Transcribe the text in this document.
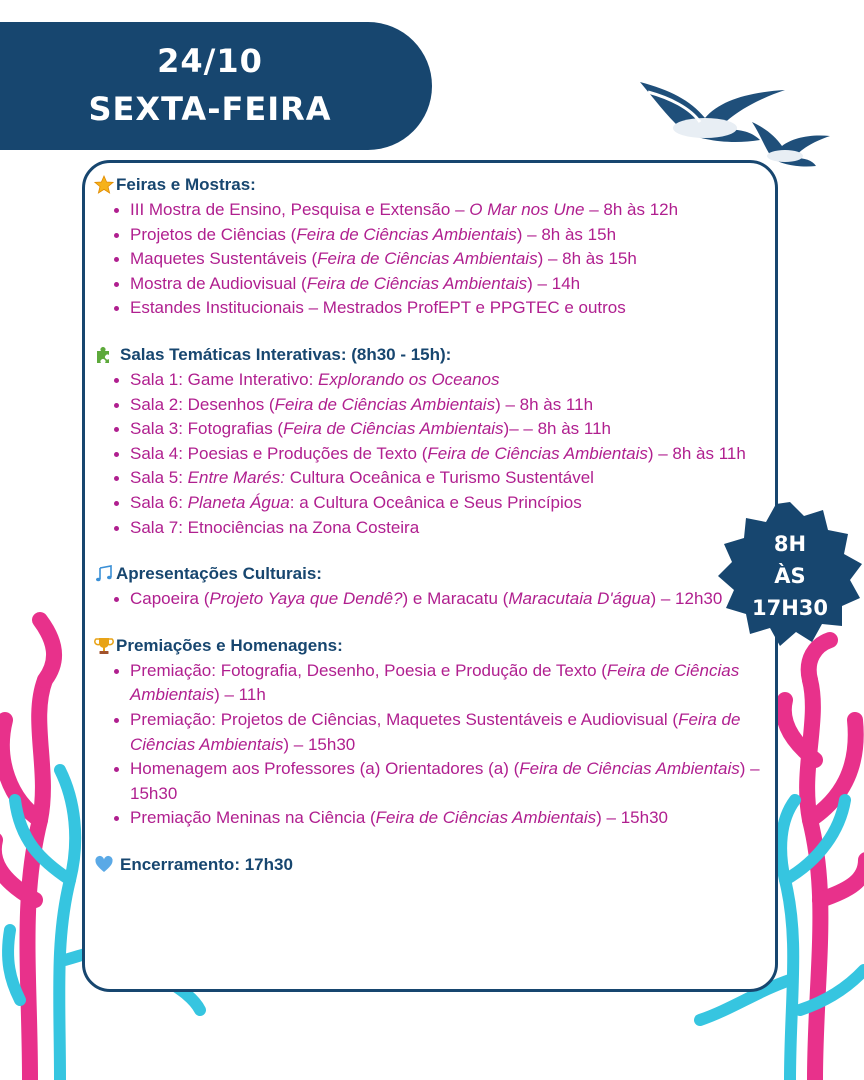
24/10
SEXTA-FEIRA
Feiras e Mostras:
III Mostra de Ensino, Pesquisa e Extensão – O Mar nos Une – 8h às 12h
Projetos de Ciências (Feira de Ciências Ambientais) – 8h às 15h
Maquetes Sustentáveis (Feira de Ciências Ambientais) – 8h às 15h
Mostra de Audiovisual (Feira de Ciências Ambientais) – 14h
Estandes Institucionais – Mestrados ProfEPT e PPGTEC e outros
Salas Temáticas Interativas : (8h30 - 15h):
Sala 1: Game Interativo: Explorando os Oceanos
Sala 2: Desenhos (Feira de Ciências Ambientais) – 8h às 11h
Sala 3: Fotografias (Feira de Ciências Ambientais)– – 8h às 11h
Sala 4: Poesias e Produções de Texto (Feira de Ciências Ambientais) – 8h às 11h
Sala 5: Entre Marés: Cultura Oceânica e Turismo Sustentável
Sala 6: Planeta Água: a Cultura Oceânica e Seus Princípios
Sala 7: Etnociências na Zona Costeira
Apresentações Culturais:
Capoeira (Projeto Yaya que Dendê?) e Maracatu (Maracutaia D'água) – 12h30
Premiações e Homenagens:
Premiação: Fotografia, Desenho, Poesia e Produção de Texto (Feira de Ciências Ambientais) – 11h
Premiação: Projetos de Ciências, Maquetes Sustentáveis e Audiovisual (Feira de Ciências Ambientais) – 15h30
Homenagem aos Professores (a) Orientadores (a) (Feira de Ciências Ambientais) – 15h30
Premiação Meninas na Ciência (Feira de Ciências Ambientais) – 15h30
Encerramento: 17h30
8H
ÀS
17H30
